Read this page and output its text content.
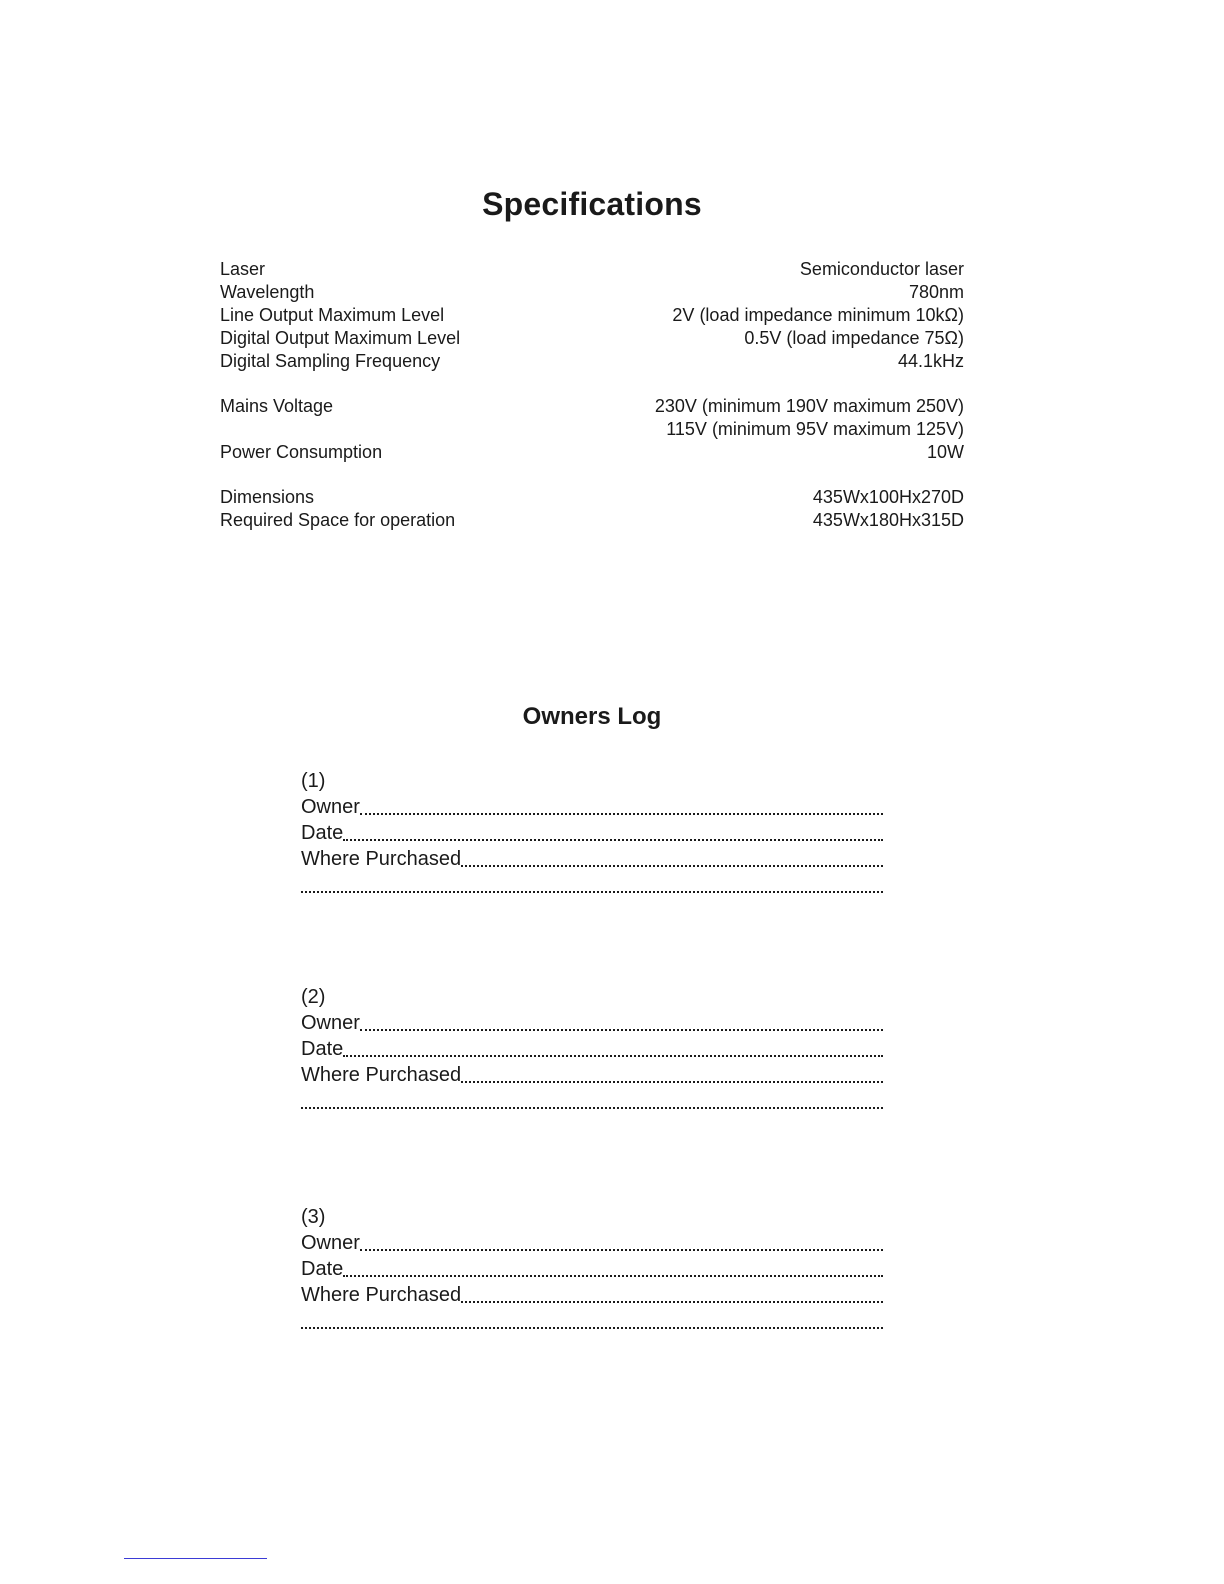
Specifications
Laser	Semiconductor laser
Wavelength	780nm
Line Output Maximum Level	2V (load impedance minimum 10kΩ)
Digital Output Maximum Level	0.5V (load impedance 75Ω)
Digital Sampling Frequency	44.1kHz
Mains Voltage	230V (minimum 190V maximum 250V)
115V (minimum 95V maximum 125V)
Power Consumption	10W
Dimensions	435Wx100Hx270D
Required Space for operation	435Wx180Hx315D
Owners Log
(1)
Owner
Date
Where Purchased
(2)
Owner
Date
Where Purchased
(3)
Owner
Date
Where Purchased
